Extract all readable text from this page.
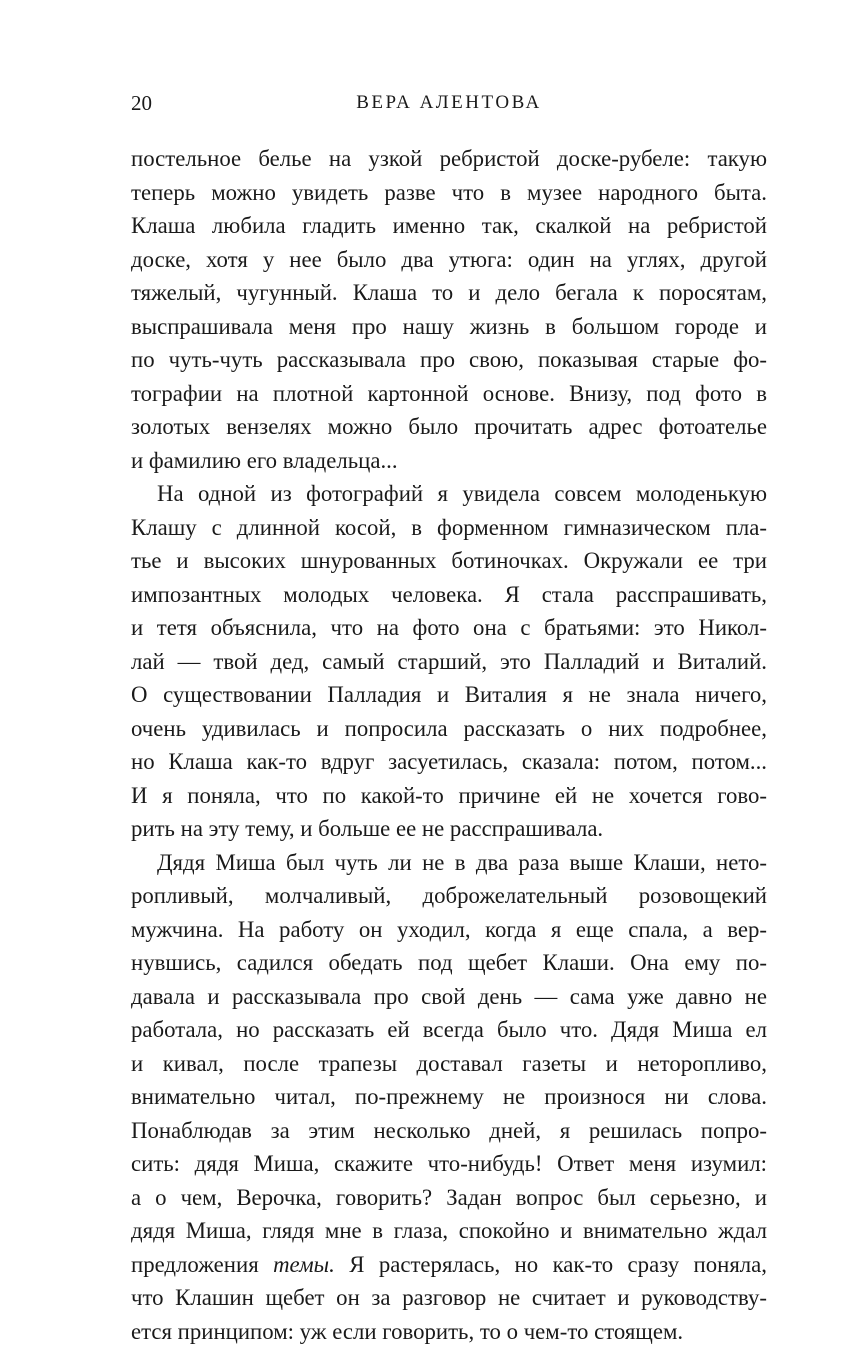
20	ВЕРА АЛЕНТОВА
постельное белье на узкой ребристой доске-рубеле: такую
теперь можно увидеть разве что в музее народного быта.
Клаша любила гладить именно так, скалкой на ребристой
доске, хотя у нее было два утюга: один на углях, другой
тяжелый, чугунный. Клаша то и дело бегала к поросятам,
выспрашивала меня про нашу жизнь в большом городе и
по чуть-чуть рассказывала про свою, показывая старые фо-
тографии на плотной картонной основе. Внизу, под фото в
золотых вензелях можно было прочитать адрес фотоателье
и фамилию его владельца...
На одной из фотографий я увидела совсем молоденькую
Клашу с длинной косой, в форменном гимназическом пла-
тье и высоких шнурованных ботиночках. Окружали ее три
импозантных молодых человека. Я стала расспрашивать,
и тетя объяснила, что на фото она с братьями: это Никол-
лай — твой дед, самый старший, это Палладий и Виталий.
О существовании Палладия и Виталия я не знала ничего,
очень удивилась и попросила рассказать о них подробнее,
но Клаша как-то вдруг засуетилась, сказала: потом, потом...
И я поняла, что по какой-то причине ей не хочется гово-
рить на эту тему, и больше ее не расспрашивала.
Дядя Миша был чуть ли не в два раза выше Клаши, нето-
ропливый, молчаливый, доброжелательный розовощекий
мужчина. На работу он уходил, когда я еще спала, а вер-
нувшись, садился обедать под щебет Клаши. Она ему по-
давала и рассказывала про свой день — сама уже давно не
работала, но рассказать ей всегда было что. Дядя Миша ел
и кивал, после трапезы доставал газеты и неторопливо,
внимательно читал, по-прежнему не произнося ни слова.
Понаблюдав за этим несколько дней, я решилась попро-
сить: дядя Миша, скажите что-нибудь! Ответ меня изумил:
а о чем, Верочка, говорить? Задан вопрос был серьезно, и
дядя Миша, глядя мне в глаза, спокойно и внимательно ждал
предложения темы. Я растерялась, но как-то сразу поняла,
что Клашин щебет он за разговор не считает и руководству-
ется принципом: уж если говорить, то о чем-то стоящем.
